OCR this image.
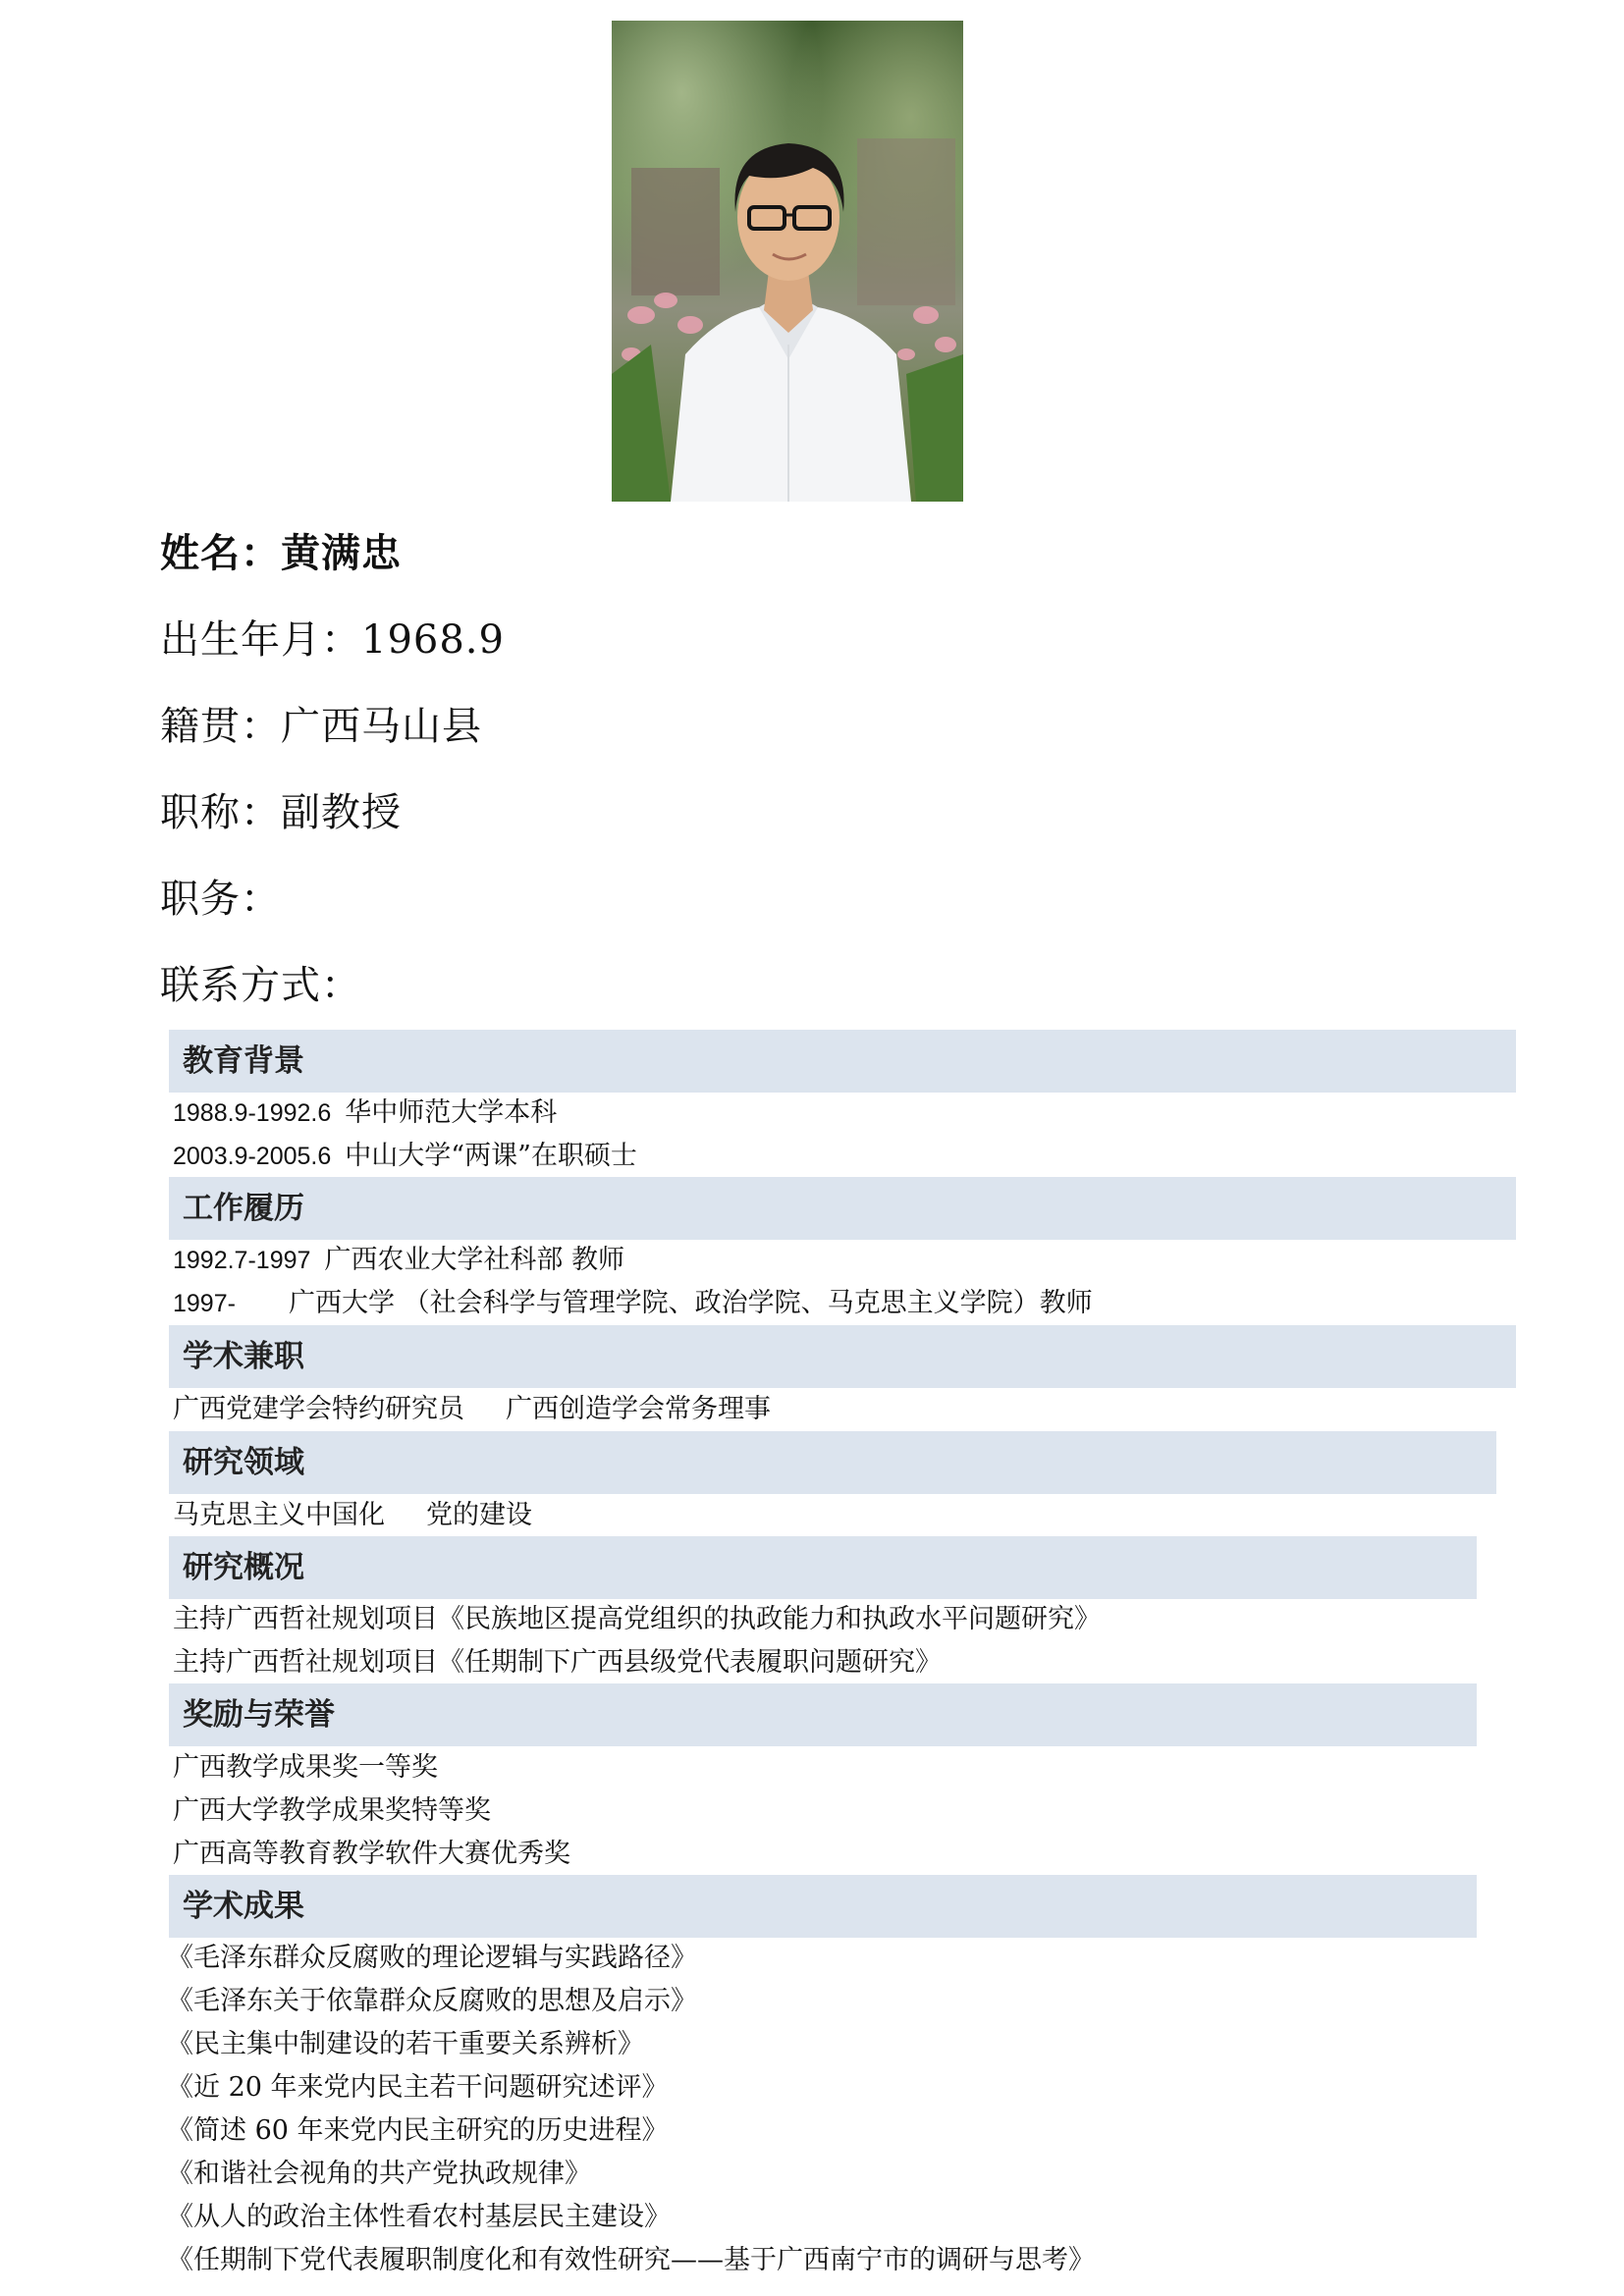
姓名：黄满忠
出生年月：1968.9
籍贯：广西马山县
职称：副教授
职务：
联系方式：
教育背景
1988.9-1992.6 华中师范大学本科
2003.9-2005.6 中山大学“两课”在职硕士
工作履历
1992.7-1997 广西农业大学社科部 教师
1997- 广西大学 （社会科学与管理学院、政治学院、马克思主义学院）教师
学术兼职
广西党建学会特约研究员 广西创造学会常务理事
研究领域
马克思主义中国化 党的建设
研究概况
主持广西哲社规划项目《民族地区提高党组织的执政能力和执政水平问题研究》
主持广西哲社规划项目《任期制下广西县级党代表履职问题研究》
奖励与荣誉
广西教学成果奖一等奖
广西大学教学成果奖特等奖
广西高等教育教学软件大赛优秀奖
学术成果
《毛泽东群众反腐败的理论逻辑与实践路径》
《毛泽东关于依靠群众反腐败的思想及启示》
《民主集中制建设的若干重要关系辨析》
《近 20 年来党内民主若干问题研究述评》
《简述 60 年来党内民主研究的历史进程》
《和谐社会视角的共产党执政规律》
《从人的政治主体性看农村基层民主建设》
《任期制下党代表履职制度化和有效性研究——基于广西南宁市的调研与思考》
